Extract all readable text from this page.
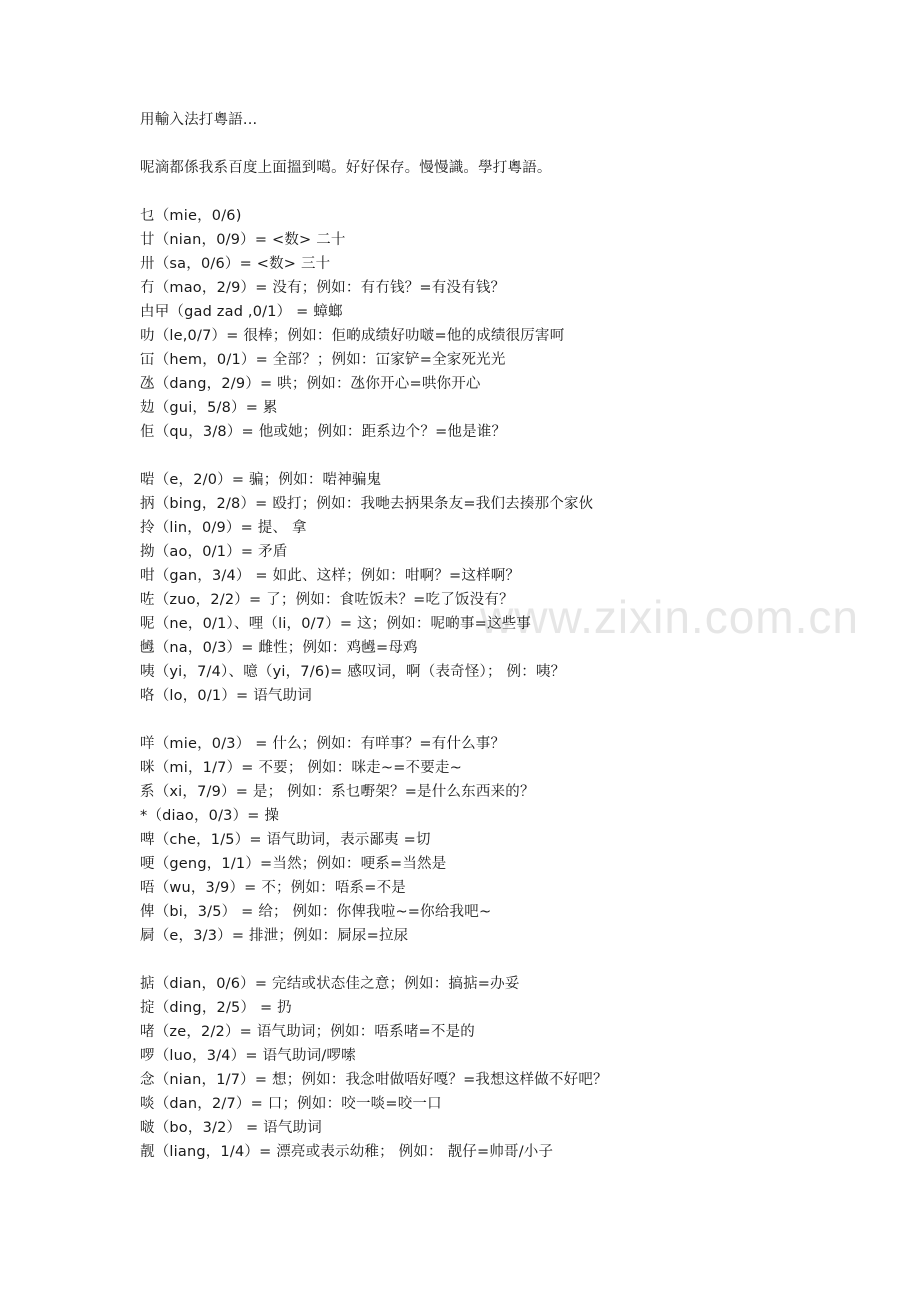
www.zixin.com.cn
用輸入法打粵語...
呢滴都係我系百度上面搵到噶。好好保存。慢慢識。學打粵語。
乜（mie，0/6)
廿（nian，0/9）= <数> 二十
卅（sa，0/6）= <数> 三十
冇（mao，2/9）= 没有；例如：有冇钱？=有没有钱？
甴曱（gad zad ,0/1） = 蟑螂
叻（le,0/7）= 很棒；例如：佢啲成绩好叻啵=他的成绩很厉害呵
冚（hem，0/1）= 全部？；例如：冚家铲=全家死光光
氹（dang，2/9）= 哄；例如：氹你开心=哄你开心
攰（gui，5/8）= 累
佢（qu，3/8）= 他或她；例如：距系边个？=他是谁？
啱（e，2/0）= 骗；例如：啱神骗鬼
抦（bing，2/8）= 殴打；例如：我哋去抦果条友=我们去揍那个家伙
拎（lin，0/9）= 提、 拿
拗（ao，0/1）= 矛盾
咁（gan，3/4） = 如此、这样；例如：咁啊？=这样啊？
咗（zuo，2/2）= 了；例如：食咗饭未？=吃了饭没有？
呢（ne，0/1）、哩（li，0/7）= 这；例如：呢啲事=这些事
乸（na，0/3）= 雌性；例如：鸡乸=母鸡
咦（yi，7/4）、噫（yi，7/6)= 感叹词，啊（表奇怪）； 例：咦？
咯（lo，0/1）= 语气助词
咩（mie，0/3） = 什么；例如：有咩事？=有什么事？
咪（mi，1/7）= 不要； 例如：咪走~=不要走~
系（xi，7/9）= 是； 例如：系乜嘢架？=是什么东西来的？
*（diao，0/3）= 操
啤（che，1/5）= 语气助词，表示鄙夷 =切
哽（geng，1/1）=当然；例如：哽系=当然是
唔（wu，3/9）= 不；例如：唔系=不是
俾（bi，3/5） = 给； 例如：你俾我啦~=你给我吧~
屙（e，3/3）= 排泄；例如：屙尿=拉尿
掂（dian，0/6）= 完结或状态佳之意；例如：搞掂=办妥
掟（ding，2/5） = 扔
啫（ze，2/2）= 语气助词；例如：唔系啫=不是的
啰（luo，3/4）= 语气助词/啰嗦
念（nian，1/7）= 想；例如：我念咁做唔好嘎？=我想这样做不好吧？
啖（dan，2/7）= 口；例如：咬一啖=咬一口
啵（bo，3/2） = 语气助词
靓（liang，1/4）= 漂亮或表示幼稚； 例如： 靓仔=帅哥/小子
